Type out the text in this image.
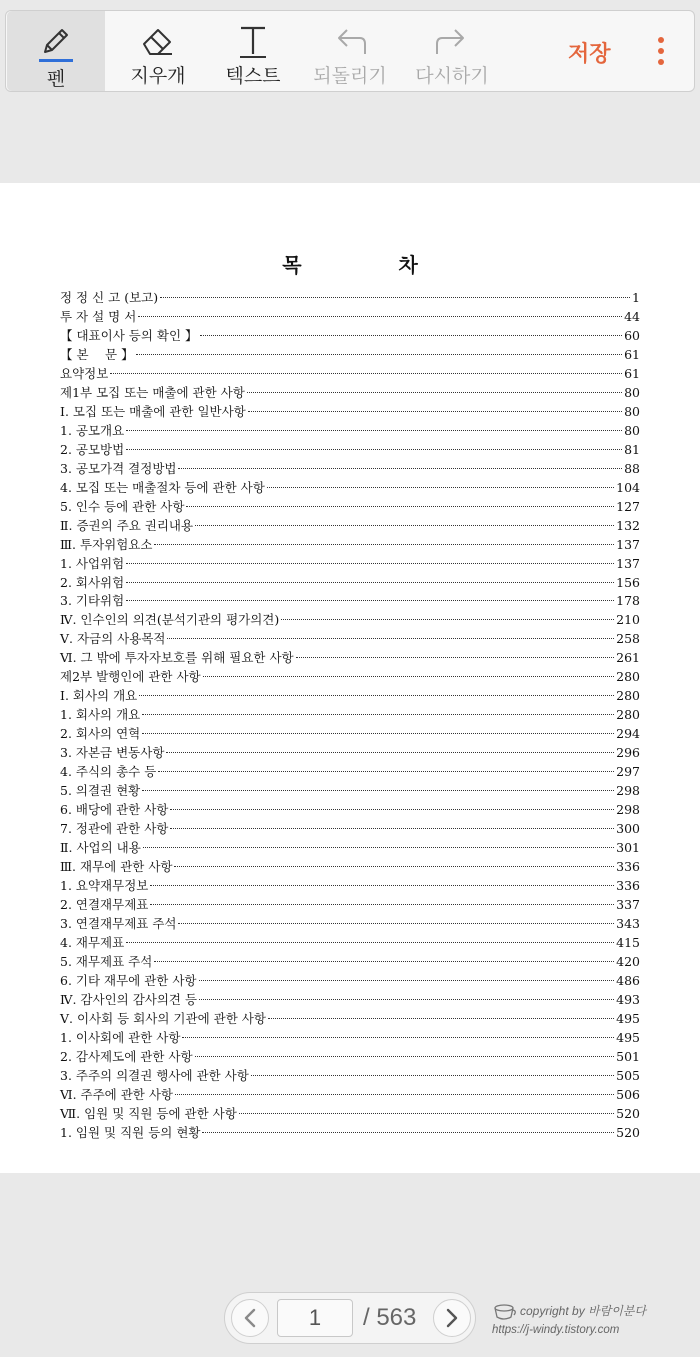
펜	지우개 텍스트 되돌리기 다시하기
저장
목 차
정 정 신 고 (보고)	1
투 자 설 명 서	44
【 대표이사 등의 확인 】	60
【 본　 문 】	61
요약정보	61
제1부 모집 또는 매출에 관한 사항	80
Ⅰ. 모집 또는 매출에 관한 일반사항	80
1. 공모개요	80
2. 공모방법	81
3. 공모가격 결정방법	88
4. 모집 또는 매출절차 등에 관한 사항	104
5. 인수 등에 관한 사항	127
Ⅱ. 증권의 주요 권리내용	132
Ⅲ. 투자위험요소	137
1. 사업위험	137
2. 회사위험	156
3. 기타위험	178
Ⅳ. 인수인의 의견(분석기관의 평가의견)	210
Ⅴ. 자금의 사용목적	258
Ⅵ. 그 밖에 투자자보호를 위해 필요한 사항	261
제2부 발행인에 관한 사항	280
Ⅰ. 회사의 개요	280
1. 회사의 개요	280
2. 회사의 연혁	294
3. 자본금 변동사항	296
4. 주식의 총수 등	297
5. 의결권 현황	298
6. 배당에 관한 사항	298
7. 정관에 관한 사항	300
Ⅱ. 사업의 내용	301
Ⅲ. 재무에 관한 사항	336
1. 요약재무정보	336
2. 연결재무제표	337
3. 연결재무제표 주석	343
4. 재무제표	415
5. 재무제표 주석	420
6. 기타 재무에 관한 사항	486
Ⅳ. 감사인의 감사의견 등	493
Ⅴ. 이사회 등 회사의 기관에 관한 사항	495
1. 이사회에 관한 사항	495
2. 감사제도에 관한 사항	501
3. 주주의 의결권 행사에 관한 사항	505
Ⅵ. 주주에 관한 사항	506
Ⅶ. 임원 및 직원 등에 관한 사항	520
1. 임원 및 직원 등의 현황	520
1
/ 563	copyright by 바람이분다
https://j-windy.tistory.com
